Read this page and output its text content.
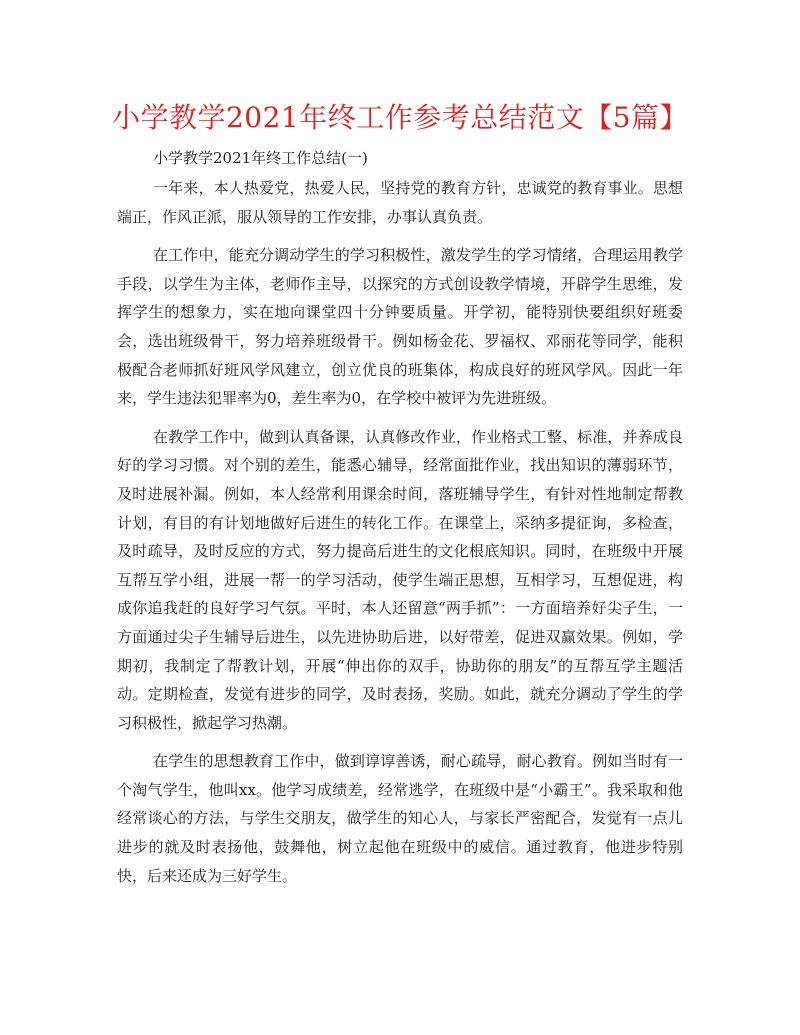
小学教学2021年终工作参考总结范文【5篇】
小学教学2021年终工作总结(一)

一年来，本人热爱党，热爱人民，坚持党的教育方针，忠诚党的教育事业。思想端正，作风正派，服从领导的工作安排，办事认真负责。

在工作中，能充分调动学生的学习积极性，激发学生的学习情绪，合理运用教学手段，以学生为主体，老师作主导，以探究的方式创设教学情境，开辟学生思维，发挥学生的想象力，实在地向课堂四十分钟要质量。开学初，能特别快要组织好班委会，选出班级骨干，努力培养班级骨干。例如杨金花、罗福权、邓丽花等同学，能积极配合老师抓好班风学风建立，创立优良的班集体，构成良好的班风学风。因此一年来，学生违法犯罪率为0，差生率为0，在学校中被评为先进班级。

在教学工作中，做到认真备课，认真修改作业，作业格式工整、标准，并养成良好的学习习惯。对个别的差生，能悉心辅导，经常面批作业，找出知识的薄弱环节，及时进展补漏。例如，本人经常利用课余时间，落班辅导学生，有针对性地制定帮教计划，有目的有计划地做好后进生的转化工作。在课堂上，采纳多提征询，多检查，及时疏导，及时反应的方式，努力提高后进生的文化根底知识。同时，在班级中开展互帮互学小组，进展一帮一的学习活动，使学生端正思想，互相学习，互想促进，构成你追我赶的良好学习气氛。平时，本人还留意“两手抓”：一方面培养好尖子生，一方面通过尖子生辅导后进生，以先进协助后进，以好带差，促进双赢效果。例如，学期初，我制定了帮教计划，开展“伸出你的双手，协助你的朋友”的互帮互学主题活动。定期检查，发觉有进步的同学，及时表扬，奖励。如此，就充分调动了学生的学习积极性，掀起学习热潮。

在学生的思想教育工作中，做到谆谆善诱，耐心疏导，耐心教育。例如当时有一个淘气学生，他叫xx。他学习成绩差，经常逃学，在班级中是“小霸王”。我采取和他经常谈心的方法，与学生交朋友，做学生的知心人，与家长严密配合，发觉有一点儿进步的就及时表扬他，鼓舞他，树立起他在班级中的威信。通过教育，他进步特别快，后来还成为三好学生。
